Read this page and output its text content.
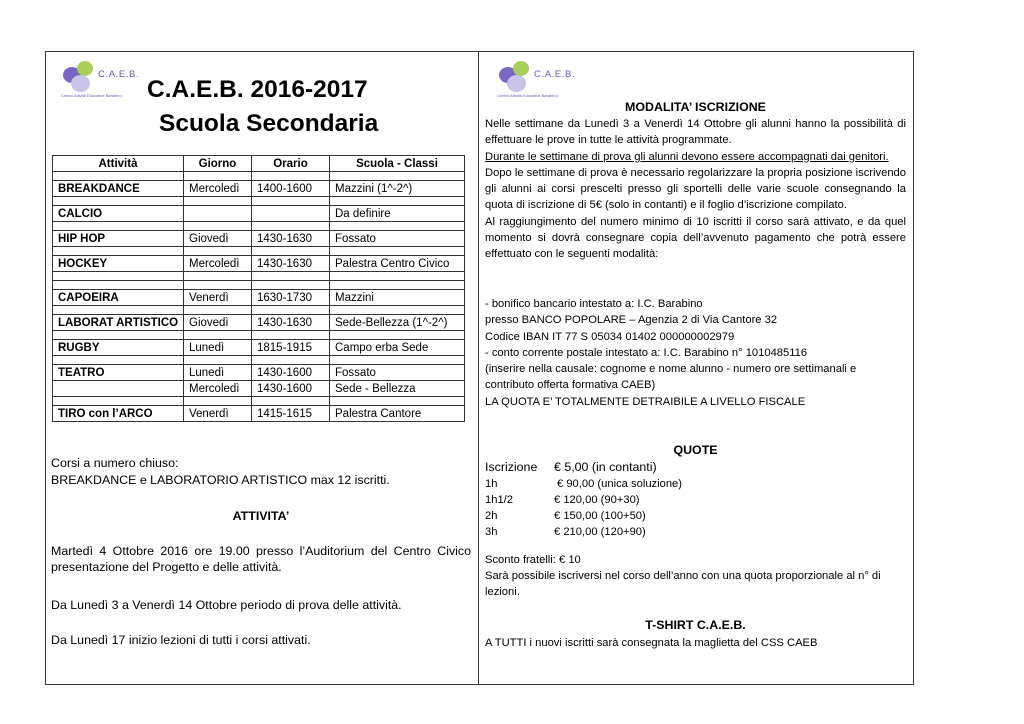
C.A.E.B.
Centro Attività Educative Barabino
C.A.E.B.
Centro Attività Educative Barabino
C.A.E.B. 2016-2017
Scuola Secondaria
Attività	Giorno	Orario	Scuola - Classi

BREAKDANCE	Mercoledì	1400-1600	Mazzini (1^-2^)

CALCIO			Da definire

HIP HOP	Giovedì	1430-1630	Fossato

HOCKEY	Mercoledì	1430-1630	Palestra Centro Civico

CAPOEIRA	Venerdì	1630-1730	Mazzini

LABORAT ARTISTICO	Giovedì	1430-1630	Sede-Bellezza (1^-2^)

RUGBY	Lunedì	1815-1915	Campo erba Sede

TEATRO	Lunedì	1430-1600	Fossato
	Mercoledì	1430-1600	Sede - Bellezza

TIRO con l’ARCO	Venerdì	1415-1615	Palestra Cantore
Corsi a numero chiuso:
BREAKDANCE e LABORATORIO ARTISTICO max 12 iscritti.
ATTIVITA’
Martedì 4 Ottobre 2016 ore 19.00 presso l’Auditorium del Centro Civico presentazione del Progetto e delle attività.
Da Lunedì 3 a Venerdì 14 Ottobre periodo di prova delle attività.
Da Lunedì 17 inizio lezioni di tutti i corsi attivati.
MODALITA’ ISCRIZIONE

Nelle settimane da Lunedì 3 a Venerdì 14 Ottobre gli alunni hanno la possibilità di effettuare le prove in tutte le attività programmate.

Durante le settimane di prova gli alunni devono essere accompagnati dai genitori.

Dopo le settimane di prova è necessario regolarizzare la propria posizione iscrivendo gli alunni ai corsi prescelti presso gli sportelli delle varie scuole consegnando la quota di iscrizione di 5€ (solo in contanti) e il foglio d’iscrizione compilato.

Al raggiungimento del numero minimo di 10 iscritti il corso sarà attivato, e da quel momento si dovrà consegnare copia dell’avvenuto pagamento che potrà essere effettuato con le seguenti modalità:

- bonifico bancario intestato a: I.C. Barabino

presso BANCO POPOLARE – Agenzia 2 di Via Cantore 32

Codice IBAN IT 77 S 05034 01402 000000002979

- conto corrente postale intestato a: I.C. Barabino n° 1010485116

(inserire nella causale: cognome e nome alunno - numero ore settimanali e contributo offerta formativa CAEB)

LA QUOTA E’ TOTALMENTE DETRAIBILE A LIVELLO FISCALE

QUOTE
Iscrizione € 5,00 (in contanti)
1h	€ 90,00 (unica soluzione)
1h1/2	€ 120,00 (90+30)
2h	€ 150,00 (100+50)
3h	€ 210,00 (120+90)
Sconto fratelli: € 10
Sarà possibile iscriversi nel corso dell’anno con una quota proporzionale al n° di lezioni.
T-SHIRT C.A.E.B.
A TUTTI i nuovi iscritti sarà consegnata la maglietta del CSS CAEB
